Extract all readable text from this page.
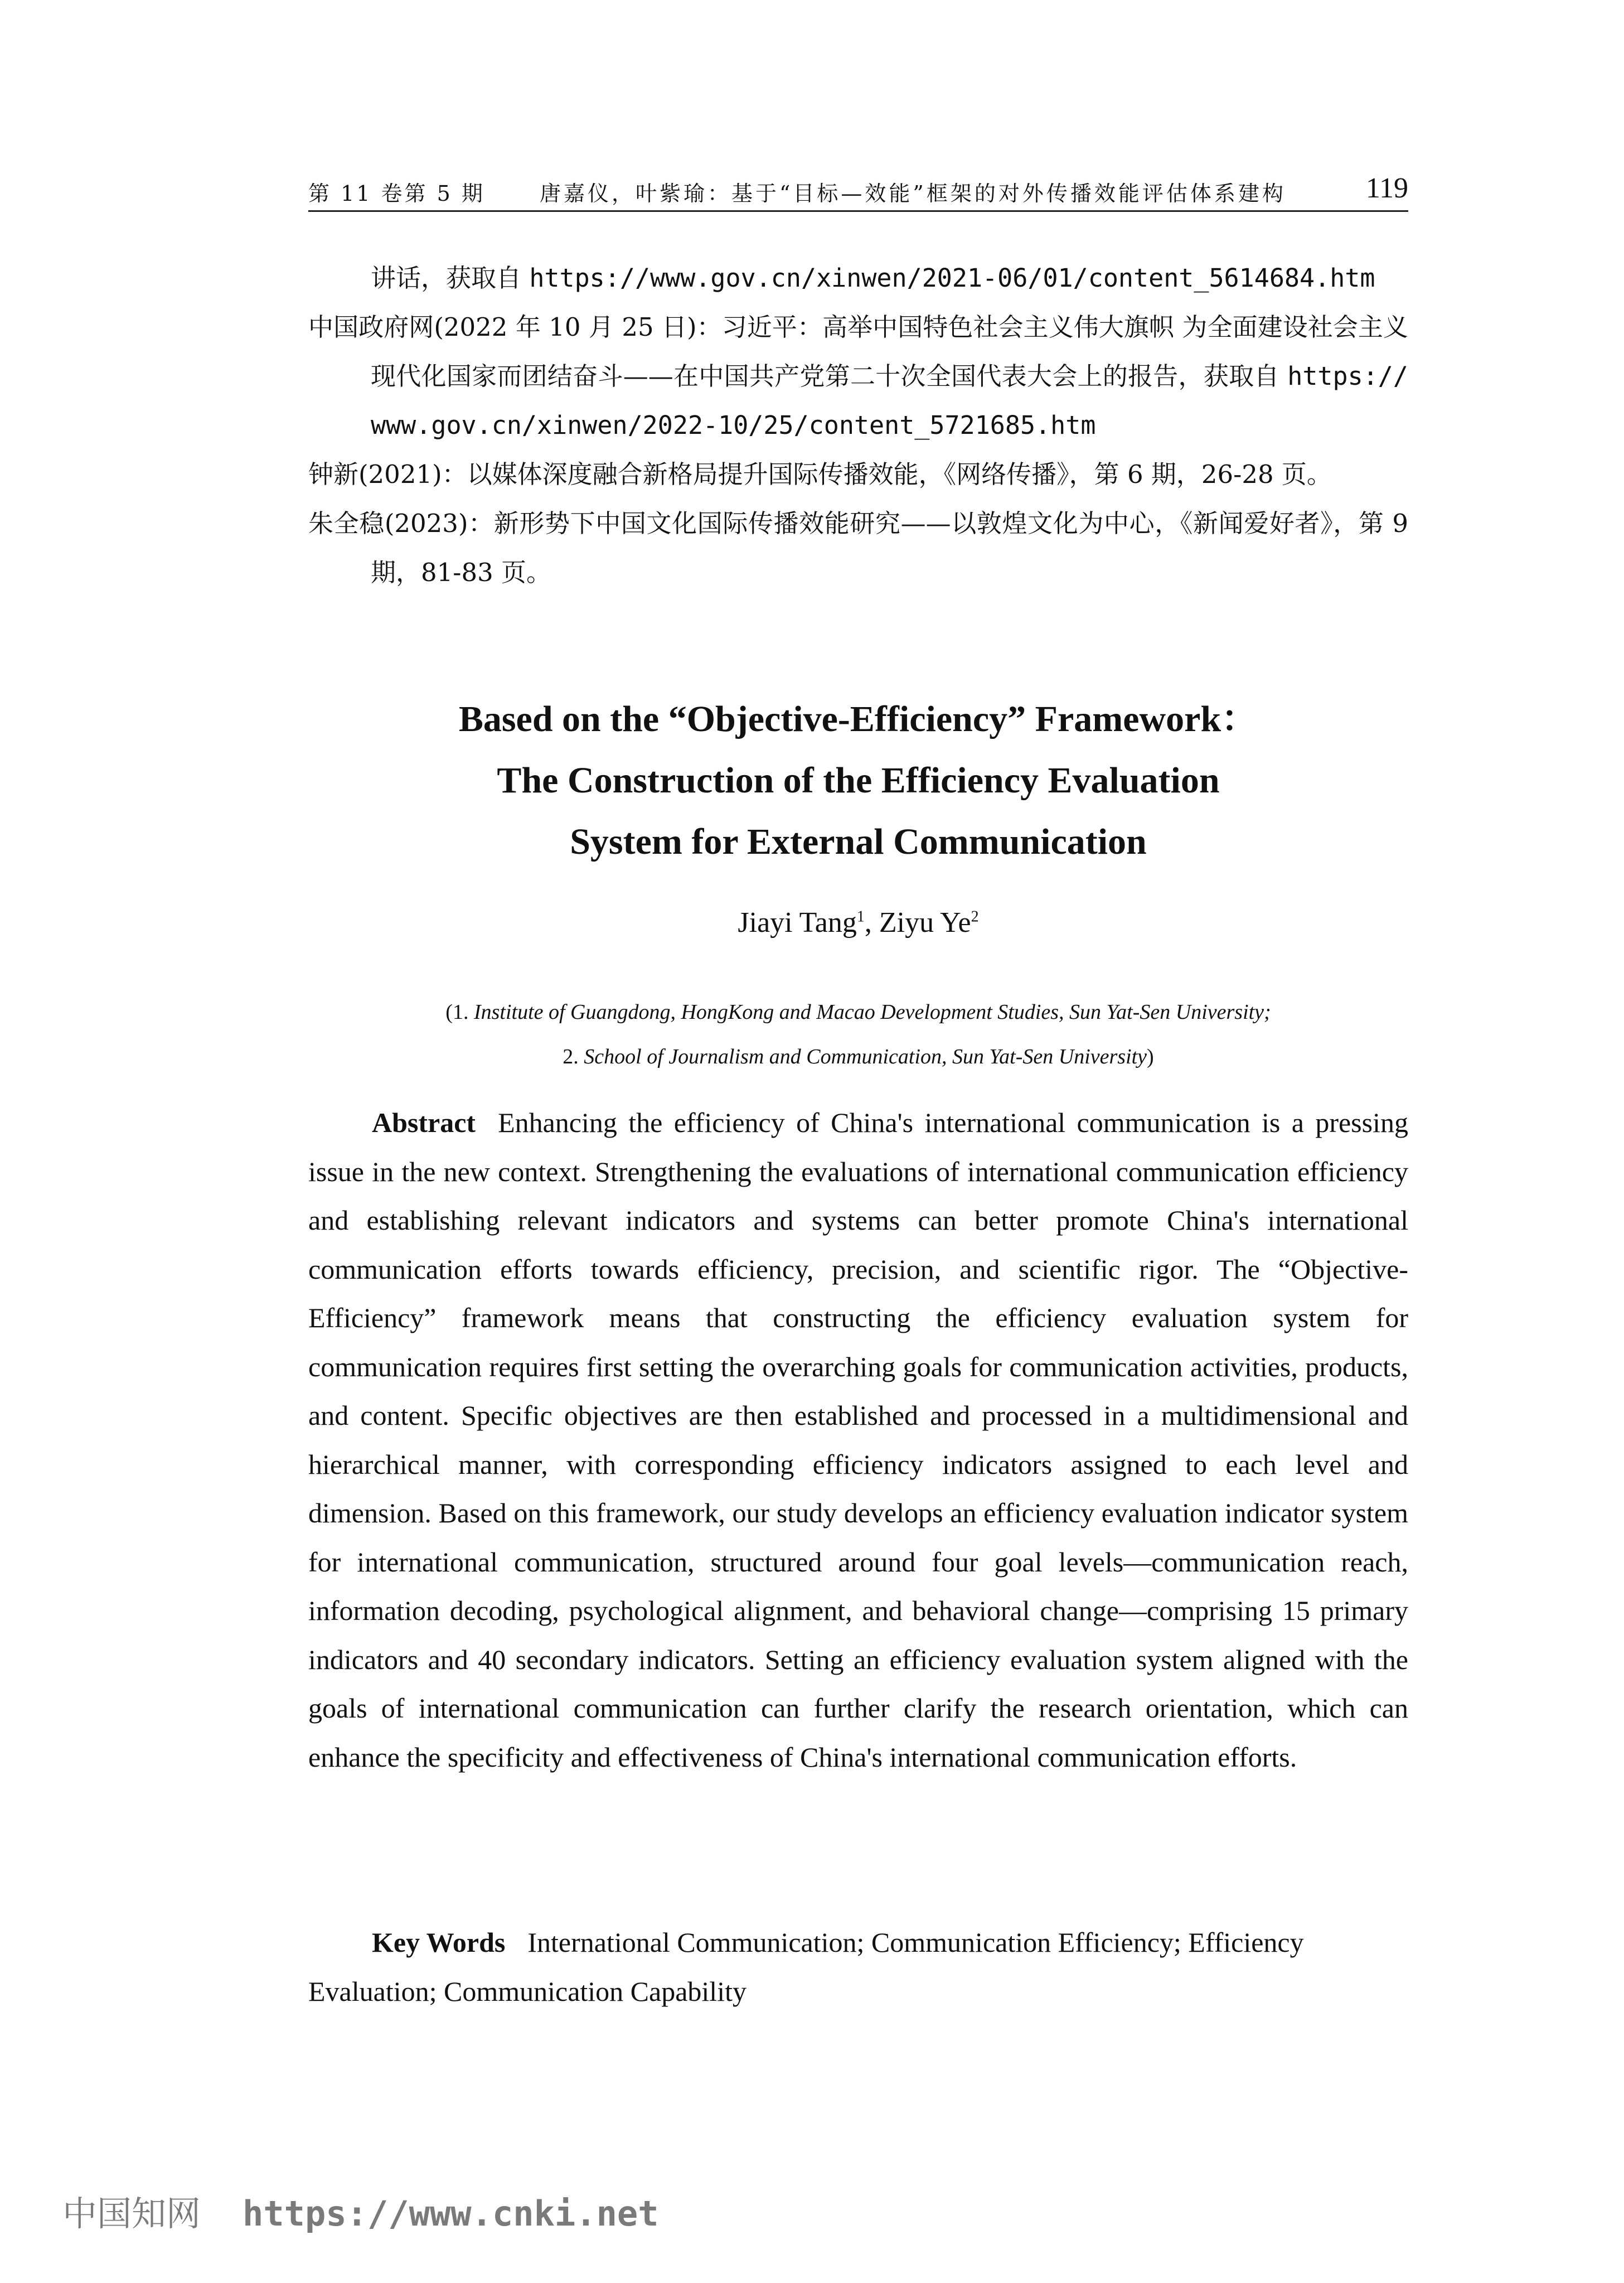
第 11 卷第 5 期	唐嘉仪，叶紫瑜：基于“目标—效能”框架的对外传播效能评估体系建构	119

讲话，获取自 https://www.gov.cn/xinwen/2021-06/01/content_5614684.htm

中国政府网(2022 年 10 月 25 日)：习近平：高举中国特色社会主义伟大旗帜 为全面建设社会主义现代化国家而团结奋斗——在中国共产党第二十次全国代表大会上的报告，获取自 https://www.gov.cn/xinwen/2022-10/25/content_5721685.htm

钟新(2021)：以媒体深度融合新格局提升国际传播效能，《网络传播》，第 6 期，26-28 页。

朱全稳(2023)：新形势下中国文化国际传播效能研究——以敦煌文化为中心，《新闻爱好者》，第 9 期，81-83 页。

Based on the “Objective-Efficiency” Framework：
The Construction of the Efficiency Evaluation
System for External Communication
Jiayi Tang$^1$, Ziyu Ye$^2$
(1. Institute of Guangdong, HongKong and Macao Development Studies, Sun Yat-Sen University;
2. School of Journalism and Communication, Sun Yat-Sen University)
Abstract Enhancing the efficiency of China's international communication is a pressing issue in the new context. Strengthening the evaluations of international communication efficiency and establishing relevant indicators and systems can better promote China's international communication efforts towards efficiency, precision, and scientific rigor. The “Objective-Efficiency” framework means that constructing the efficiency evaluation system for communication requires first setting the overarching goals for communication activities, products, and content. Specific objectives are then established and processed in a multidimensional and hierarchical manner, with corresponding efficiency indicators assigned to each level and dimension. Based on this framework, our study develops an efficiency evaluation indicator system for international communication, structured around four goal levels—communication reach, information decoding, psychological alignment, and behavioral change—comprising 15 primary indicators and 40 secondary indicators. Setting an efficiency evaluation system aligned with the goals of international communication can further clarify the research orientation, which can enhance the specificity and effectiveness of China's international communication efforts.
Key Words International Communication; Communication Efficiency; Efficiency Evaluation; Communication Capability
中国知网 https://www.cnki.net
